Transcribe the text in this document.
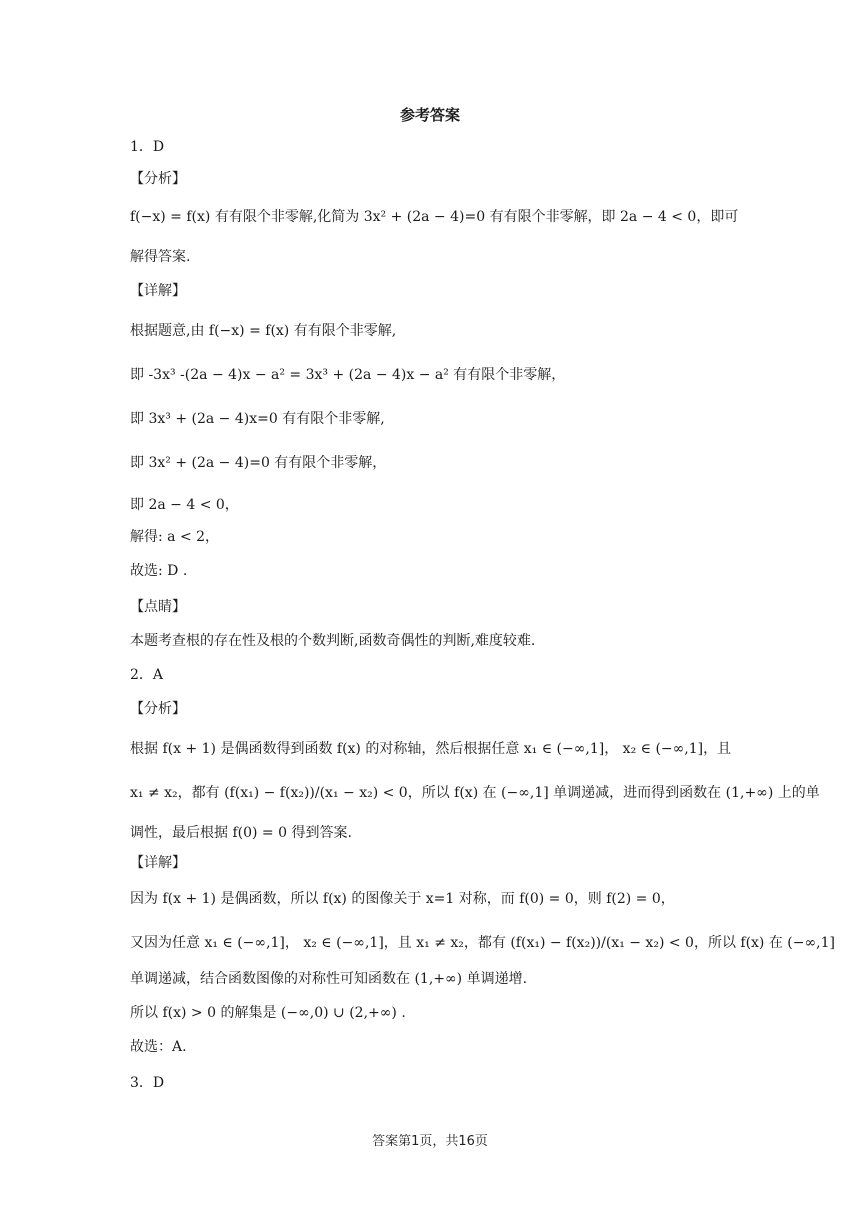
参考答案
1．D
【分析】
f(−x) = f(x) 有有限个非零解,化简为 3x² + (2a − 4)=0 有有限个非零解，即 2a − 4 < 0，即可
解得答案.
【详解】
根据题意,由 f(−x) = f(x) 有有限个非零解,
即 -3x³ -(2a − 4)x − a² = 3x³ + (2a − 4)x − a² 有有限个非零解，
即 3x³ + (2a − 4)x=0 有有限个非零解,
即 3x² + (2a − 4)=0 有有限个非零解，
即 2a − 4 < 0，
解得: a < 2，
故选: D .
【点睛】
本题考查根的存在性及根的个数判断,函数奇偶性的判断,难度较难.
2．A
【分析】
根据 f(x + 1) 是偶函数得到函数 f(x) 的对称轴，然后根据任意 x₁ ∈ (−∞,1]， x₂ ∈ (−∞,1]，且
x₁ ≠ x₂，都有 (f(x₁) − f(x₂))/(x₁ − x₂) < 0，所以 f(x) 在 (−∞,1] 单调递减，进而得到函数在 (1,+∞) 上的单
调性，最后根据 f(0) = 0 得到答案.
【详解】
因为 f(x + 1) 是偶函数，所以 f(x) 的图像关于 x=1 对称，而 f(0) = 0，则 f(2) = 0，
又因为任意 x₁ ∈ (−∞,1]， x₂ ∈ (−∞,1]，且 x₁ ≠ x₂，都有 (f(x₁) − f(x₂))/(x₁ − x₂) < 0，所以 f(x) 在 (−∞,1]
单调递减，结合函数图像的对称性可知函数在 (1,+∞) 单调递增.
所以 f(x) > 0 的解集是 (−∞,0) ∪ (2,+∞) .
故选：A.
3．D
答案第1页，共16页
